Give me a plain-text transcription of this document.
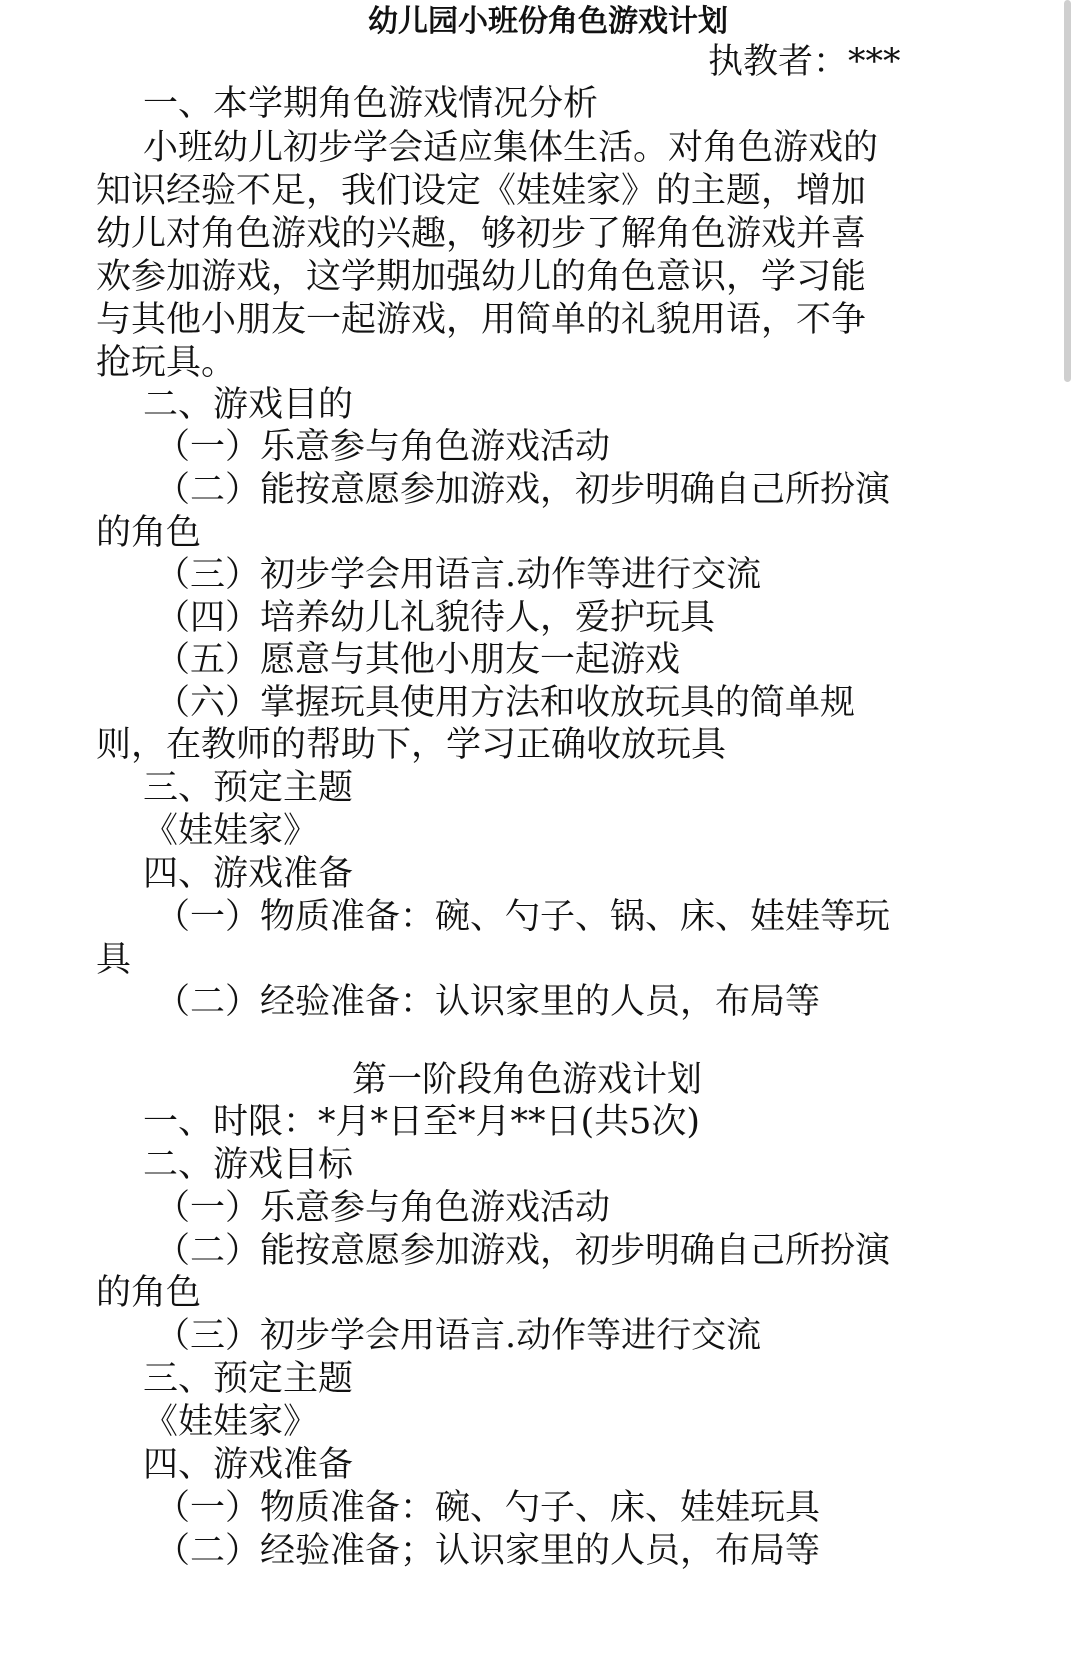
幼儿园小班份角色游戏计划

执教者：***

一、本学期角色游戏情况分析

小班幼儿初步学会适应集体生活。对角色游戏的

知识经验不足，我们设定《娃娃家》的主题，增加

幼儿对角色游戏的兴趣，够初步了解角色游戏并喜

欢参加游戏，这学期加强幼儿的角色意识，学习能

与其他小朋友一起游戏，用简单的礼貌用语，不争

抢玩具。

二、游戏目的

（一）乐意参与角色游戏活动

（二）能按意愿参加游戏，初步明确自己所扮演

的角色

（三）初步学会用语言.动作等进行交流

（四）培养幼儿礼貌待人，爱护玩具

（五）愿意与其他小朋友一起游戏

（六）掌握玩具使用方法和收放玩具的简单规

则，在教师的帮助下，学习正确收放玩具

三、预定主题

《娃娃家》

四、游戏准备

（一）物质准备：碗、勺子、锅、床、娃娃等玩

具

（二）经验准备：认识家里的人员，布局等

第一阶段角色游戏计划

一、时限：*月*日至*月**日(共5次)

二、游戏目标

（一）乐意参与角色游戏活动

（二）能按意愿参加游戏，初步明确自己所扮演

的角色

（三）初步学会用语言.动作等进行交流

三、预定主题

《娃娃家》

四、游戏准备

（一）物质准备：碗、勺子、床、娃娃玩具

（二）经验准备；认识家里的人员，布局等
